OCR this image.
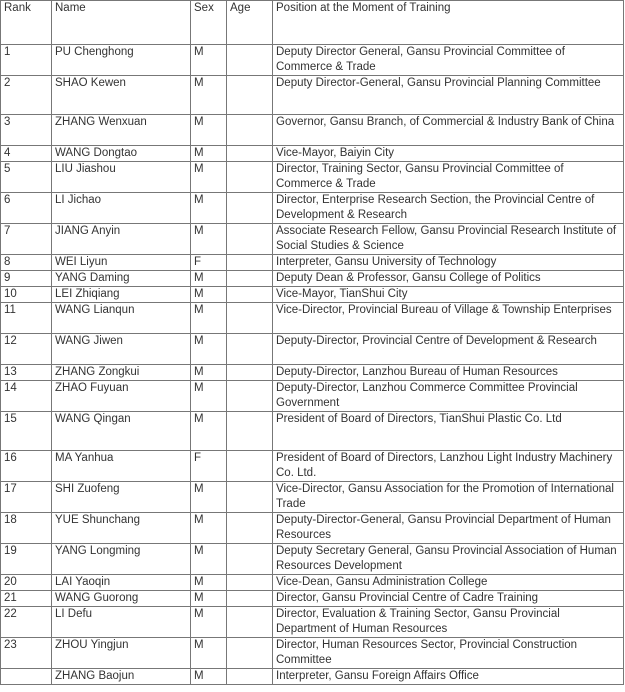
Rank	Name	Sex	Age	Position at the Moment of Training
1	PU Chenghong	M		Deputy Director General, Gansu Provincial Committee of Commerce & Trade
2	SHAO Kewen	M		Deputy Director-General, Gansu Provincial Planning Committee
3	ZHANG Wenxuan	M		Governor, Gansu Branch, of Commercial & Industry Bank of China
4	WANG Dongtao	M		Vice-Mayor, Baiyin City
5	LIU Jiashou	M		Director, Training Sector, Gansu Provincial Committee of Commerce & Trade
6	LI Jichao	M		Director, Enterprise Research Section, the Provincial Centre of Development & Research
7	JIANG Anyin	M		Associate Research Fellow, Gansu Provincial Research Institute of Social Studies & Science
8	WEI Liyun	F		Interpreter, Gansu University of Technology
9	YANG Daming	M		Deputy Dean & Professor, Gansu College of Politics
10	LEI Zhiqiang	M		Vice-Mayor, TianShui City
11	WANG Lianqun	M		Vice-Director, Provincial Bureau of Village & Township Enterprises
12	WANG Jiwen	M		Deputy-Director, Provincial Centre of Development & Research
13	ZHANG Zongkui	M		Deputy-Director, Lanzhou Bureau of Human Resources
14	ZHAO Fuyuan	M		Deputy-Director, Lanzhou Commerce Committee Provincial Government
15	WANG Qingan	M		President of Board of Directors, TianShui Plastic Co. Ltd
16	MA Yanhua	F		President of Board of Directors, Lanzhou Light Industry Machinery Co. Ltd.
17	SHI Zuofeng	M		Vice-Director, Gansu Association for the Promotion of International Trade
18	YUE Shunchang	M		Deputy-Director-General, Gansu Provincial Department of Human Resources
19	YANG Longming	M		Deputy Secretary General, Gansu Provincial Association of Human Resources Development
20	LAI Yaoqin	M		Vice-Dean, Gansu Administration College
21	WANG Guorong	M		Director, Gansu Provincial Centre of Cadre Training
22	LI Defu	M		Director, Evaluation & Training Sector, Gansu Provincial Department of Human Resources
23	ZHOU Yingjun	M		Director, Human Resources Sector, Provincial Construction Committee
	ZHANG Baojun	M		Interpreter, Gansu Foreign Affairs Office
